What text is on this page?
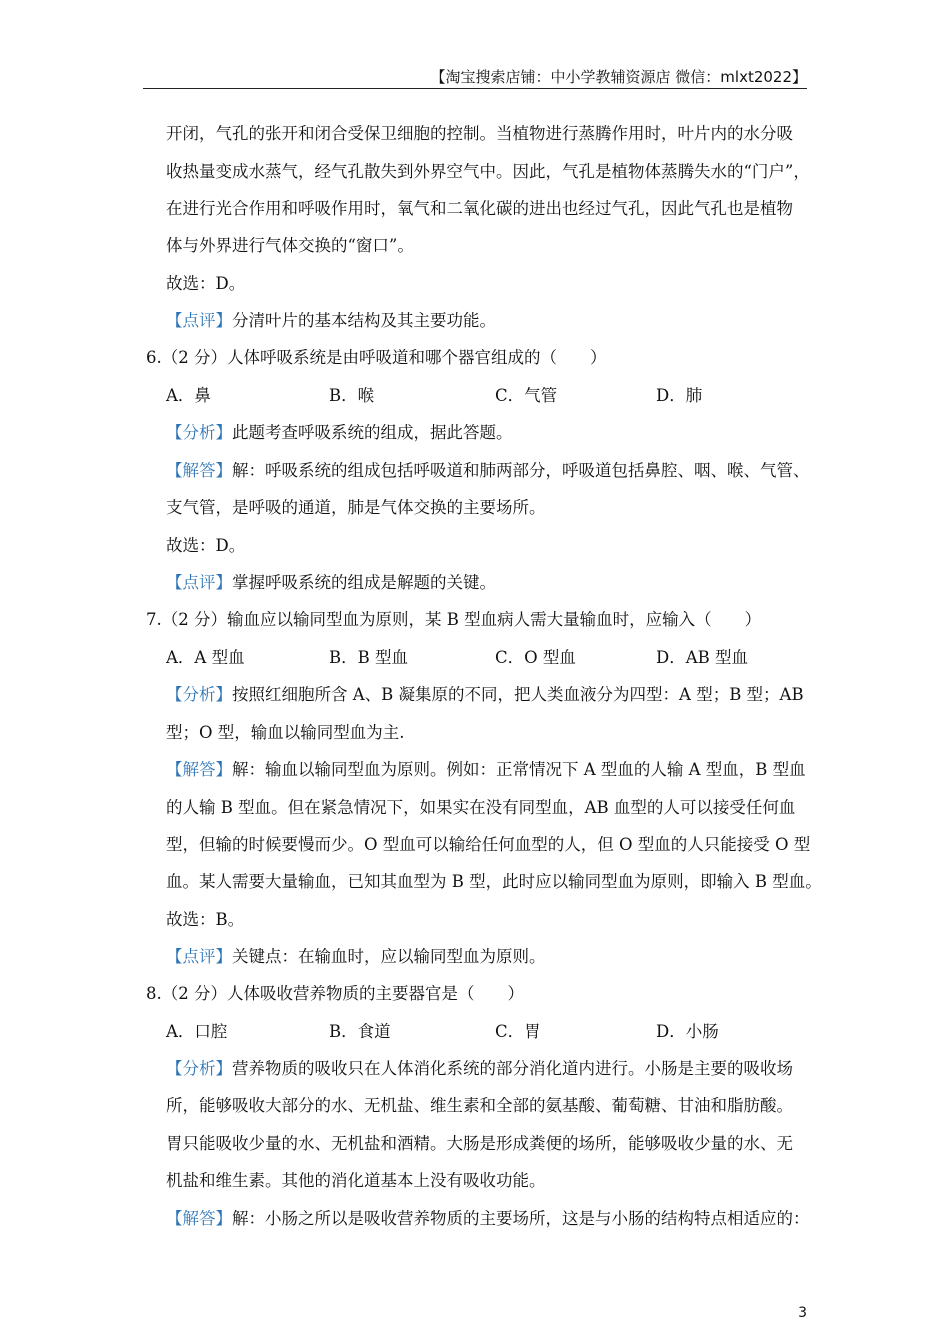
【淘宝搜索店铺：中小学教辅资源店 微信：mlxt2022】
开闭，气孔的张开和闭合受保卫细胞的控制。当植物进行蒸腾作用时，叶片内的水分吸
收热量变成水蒸气，经气孔散失到外界空气中。因此，气孔是植物体蒸腾失水的“门户”，
在进行光合作用和呼吸作用时，氧气和二氧化碳的进出也经过气孔，因此气孔也是植物
体与外界进行气体交换的“窗口”。
故选：D。
【点评】分清叶片的基本结构及其主要功能。
6.（2 分）人体呼吸系统是由呼吸道和哪个器官组成的（　　）
A．鼻	B．喉	C．气管	D．肺
【分析】此题考查呼吸系统的组成，据此答题。
【解答】解：呼吸系统的组成包括呼吸道和肺两部分，呼吸道包括鼻腔、咽、喉、气管、
支气管，是呼吸的通道，肺是气体交换的主要场所。
故选：D。
【点评】掌握呼吸系统的组成是解题的关键。
7.（2 分）输血应以输同型血为原则，某 B 型血病人需大量输血时，应输入（　　）
A．A 型血	B．B 型血	C．O 型血	D．AB 型血
【分析】按照红细胞所含 A、B 凝集原的不同，把人类血液分为四型：A 型；B 型；AB
型；O 型，输血以输同型血为主.
【解答】解：输血以输同型血为原则。例如：正常情况下 A 型血的人输 A 型血，B 型血
的人输 B 型血。但在紧急情况下，如果实在没有同型血，AB 血型的人可以接受任何血
型，但输的时候要慢而少。O 型血可以输给任何血型的人，但 O 型血的人只能接受 O 型
血。某人需要大量输血，已知其血型为 B 型，此时应以输同型血为原则，即输入 B 型血。
故选：B。
【点评】关键点：在输血时，应以输同型血为原则。
8.（2 分）人体吸收营养物质的主要器官是（　　）
A．口腔	B．食道	C．胃	D．小肠
【分析】营养物质的吸收只在人体消化系统的部分消化道内进行。小肠是主要的吸收场
所，能够吸收大部分的水、无机盐、维生素和全部的氨基酸、葡萄糖、甘油和脂肪酸。
胃只能吸收少量的水、无机盐和酒精。大肠是形成粪便的场所，能够吸收少量的水、无
机盐和维生素。其他的消化道基本上没有吸收功能。
【解答】解：小肠之所以是吸收营养物质的主要场所，这是与小肠的结构特点相适应的：
3
